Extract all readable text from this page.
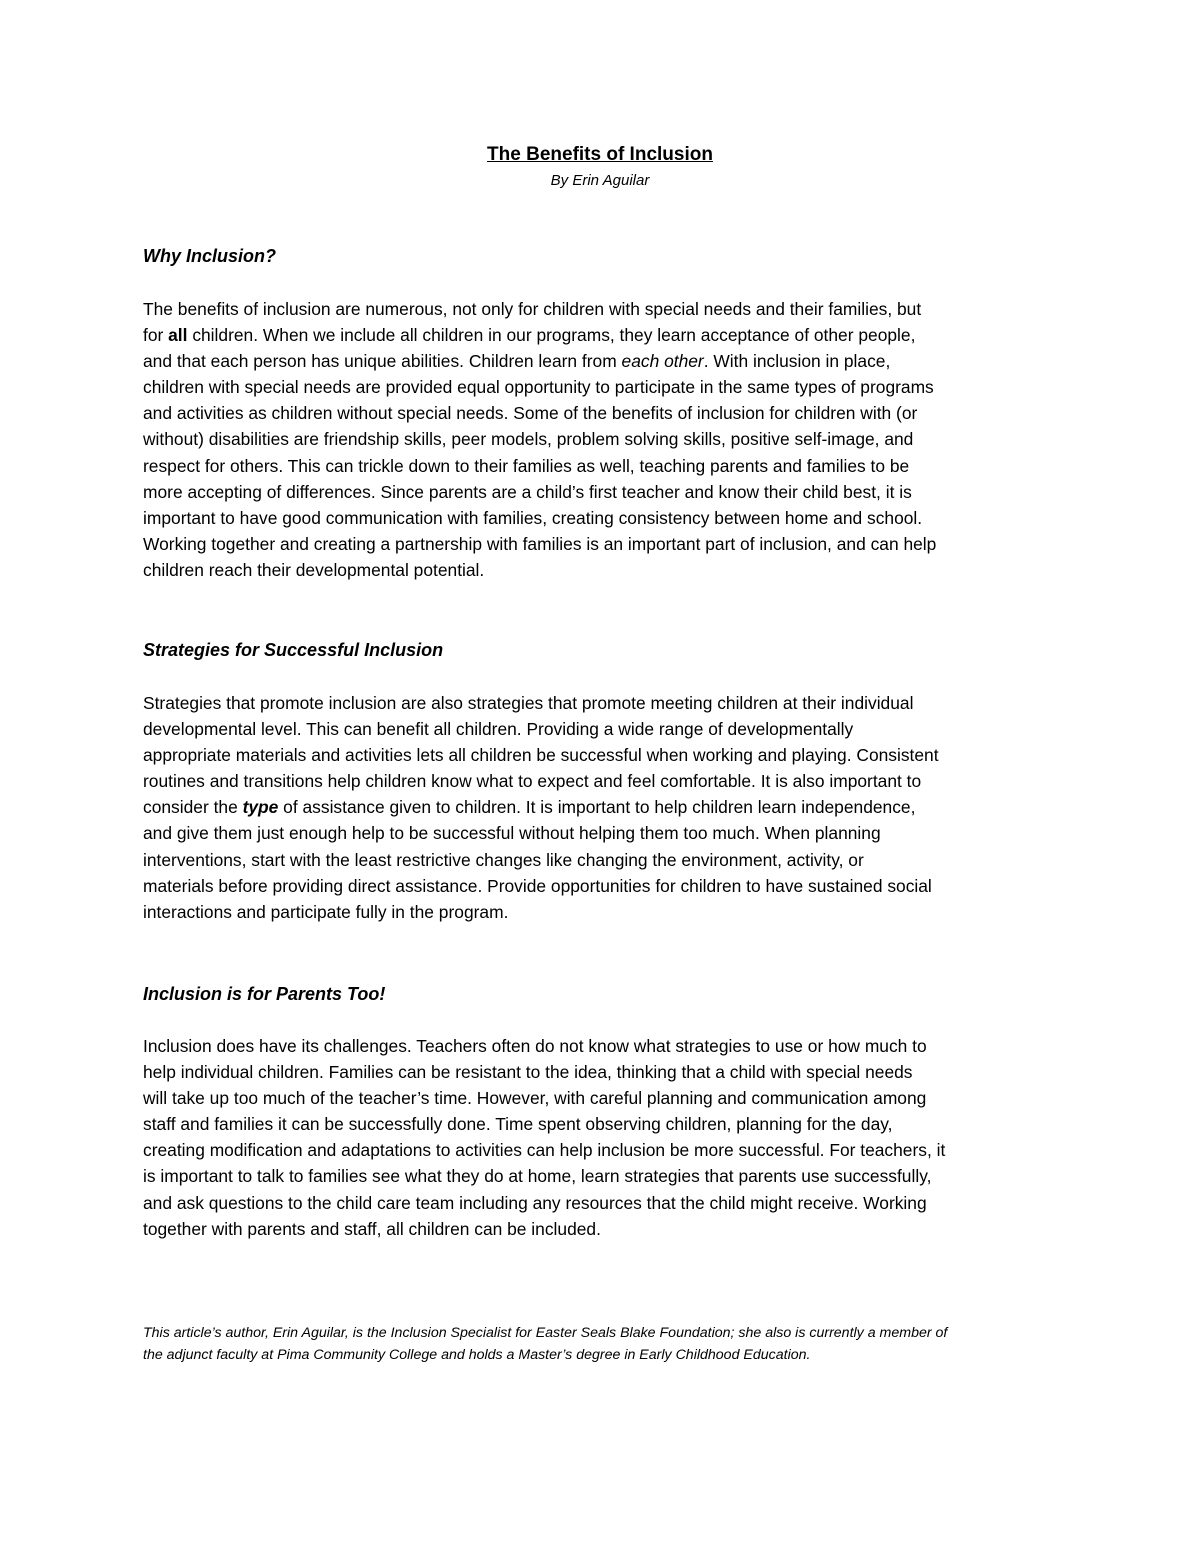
The Benefits of Inclusion
By Erin Aguilar
Why Inclusion?
The benefits of inclusion are numerous, not only for children with special needs and their families, but
for all children. When we include all children in our programs, they learn acceptance of other people,
and that each person has unique abilities. Children learn from each other. With inclusion in place,
children with special needs are provided equal opportunity to participate in the same types of programs
and activities as children without special needs. Some of the benefits of inclusion for children with (or
without) disabilities are friendship skills, peer models, problem solving skills, positive self-image, and
respect for others. This can trickle down to their families as well, teaching parents and families to be
more accepting of differences. Since parents are a child’s first teacher and know their child best, it is
important to have good communication with families, creating consistency between home and school.
Working together and creating a partnership with families is an important part of inclusion, and can help
children reach their developmental potential.
Strategies for Successful Inclusion
Strategies that promote inclusion are also strategies that promote meeting children at their individual
developmental level. This can benefit all children. Providing a wide range of developmentally
appropriate materials and activities lets all children be successful when working and playing. Consistent
routines and transitions help children know what to expect and feel comfortable. It is also important to
consider the type of assistance given to children. It is important to help children learn independence,
and give them just enough help to be successful without helping them too much. When planning
interventions, start with the least restrictive changes like changing the environment, activity, or
materials before providing direct assistance. Provide opportunities for children to have sustained social
interactions and participate fully in the program.
Inclusion is for Parents Too!
Inclusion does have its challenges. Teachers often do not know what strategies to use or how much to
help individual children. Families can be resistant to the idea, thinking that a child with special needs
will take up too much of the teacher’s time. However, with careful planning and communication among
staff and families it can be successfully done. Time spent observing children, planning for the day,
creating modification and adaptations to activities can help inclusion be more successful. For teachers, it
is important to talk to families see what they do at home, learn strategies that parents use successfully,
and ask questions to the child care team including any resources that the child might receive. Working
together with parents and staff, all children can be included.
This article’s author, Erin Aguilar, is the Inclusion Specialist for Easter Seals Blake Foundation; she also is currently a member of
the adjunct faculty at Pima Community College and holds a Master’s degree in Early Childhood Education.
